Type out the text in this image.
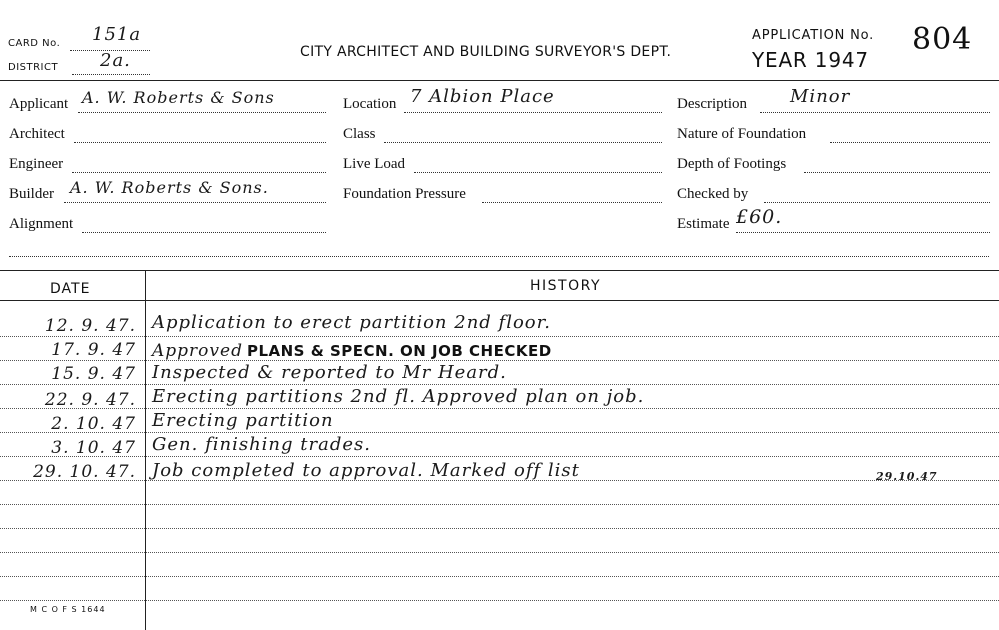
CARD No. 151a
DISTRICT 2a.	CITY ARCHITECT AND BUILDING SURVEYOR'S DEPT.
APPLICATION No. 804
YEAR 1947
Applicant A. W. Roberts & Sons
Architect
Engineer
Builder A. W. Roberts & Sons.
Alignment
Location 7 Albion Place
Class
Live Load
Foundation Pressure
Description Minor
Nature of Foundation
Depth of Footings
Checked by
Estimate £60.
DATE	HISTORY
12. 9. 47. Application to erect partition 2nd floor.
17. 9. 47 Approved PLANS & SPECN. ON JOB CHECKED
15. 9. 47 Inspected & reported to Mr Heard.
22. 9. 47. Erecting partitions 2nd fl. Approved plan on job.
2. 10. 47 Erecting partition
3. 10. 47 Gen. finishing trades.
29. 10. 47. Job completed to approval. Marked off list	29.10.47
M C O F S 1644
